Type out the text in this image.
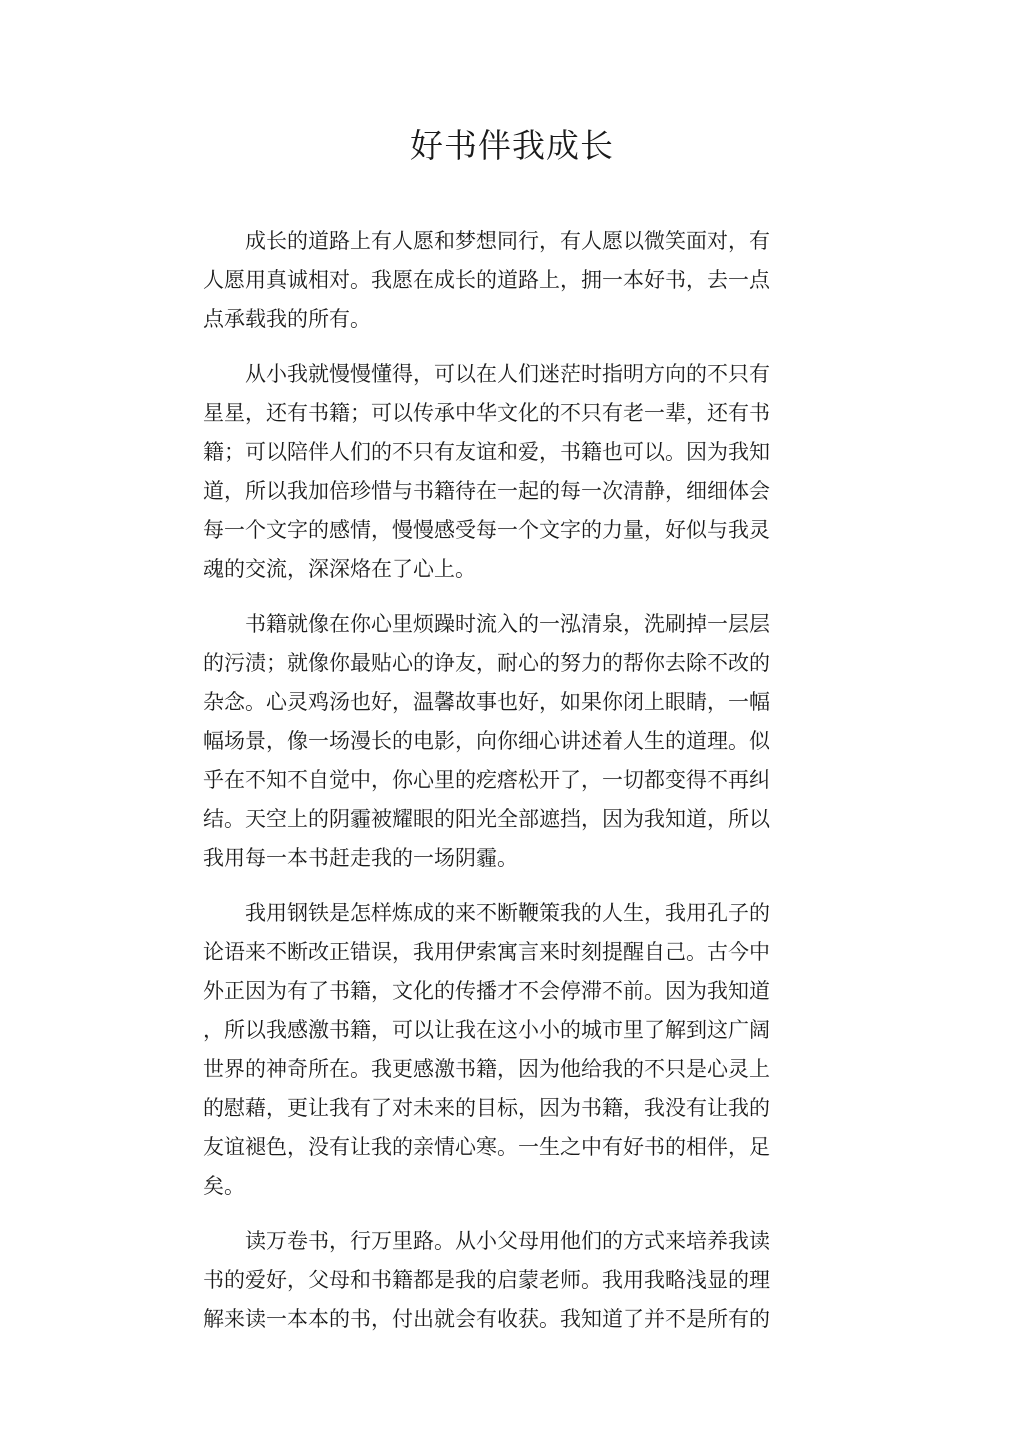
好书伴我成长

成长的道路上有人愿和梦想同行，有人愿以微笑面对，有
人愿用真诚相对。我愿在成长的道路上，拥一本好书，去一点
点承载我的所有。

从小我就慢慢懂得，可以在人们迷茫时指明方向的不只有
星星，还有书籍；可以传承中华文化的不只有老一辈，还有书
籍；可以陪伴人们的不只有友谊和爱，书籍也可以。因为我知
道，所以我加倍珍惜与书籍待在一起的每一次清静，细细体会
每一个文字的感情，慢慢感受每一个文字的力量，好似与我灵
魂的交流，深深烙在了心上。

书籍就像在你心里烦躁时流入的一泓清泉，洗刷掉一层层
的污渍；就像你最贴心的诤友，耐心的努力的帮你去除不改的
杂念。心灵鸡汤也好，温馨故事也好，如果你闭上眼睛，一幅
幅场景，像一场漫长的电影，向你细心讲述着人生的道理。似
乎在不知不自觉中，你心里的疙瘩松开了，一切都变得不再纠
结。天空上的阴霾被耀眼的阳光全部遮挡，因为我知道，所以
我用每一本书赶走我的一场阴霾。

我用钢铁是怎样炼成的来不断鞭策我的人生，我用孔子的
论语来不断改正错误，我用伊索寓言来时刻提醒自己。古今中
外正因为有了书籍，文化的传播才不会停滞不前。因为我知道
，所以我感激书籍，可以让我在这小小的城市里了解到这广阔
世界的神奇所在。我更感激书籍，因为他给我的不只是心灵上
的慰藉，更让我有了对未来的目标，因为书籍，我没有让我的
友谊褪色，没有让我的亲情心寒。一生之中有好书的相伴，足
矣。

读万卷书，行万里路。从小父母用他们的方式来培养我读
书的爱好，父母和书籍都是我的启蒙老师。我用我略浅显的理
解来读一本本的书，付出就会有收获。我知道了并不是所有的
